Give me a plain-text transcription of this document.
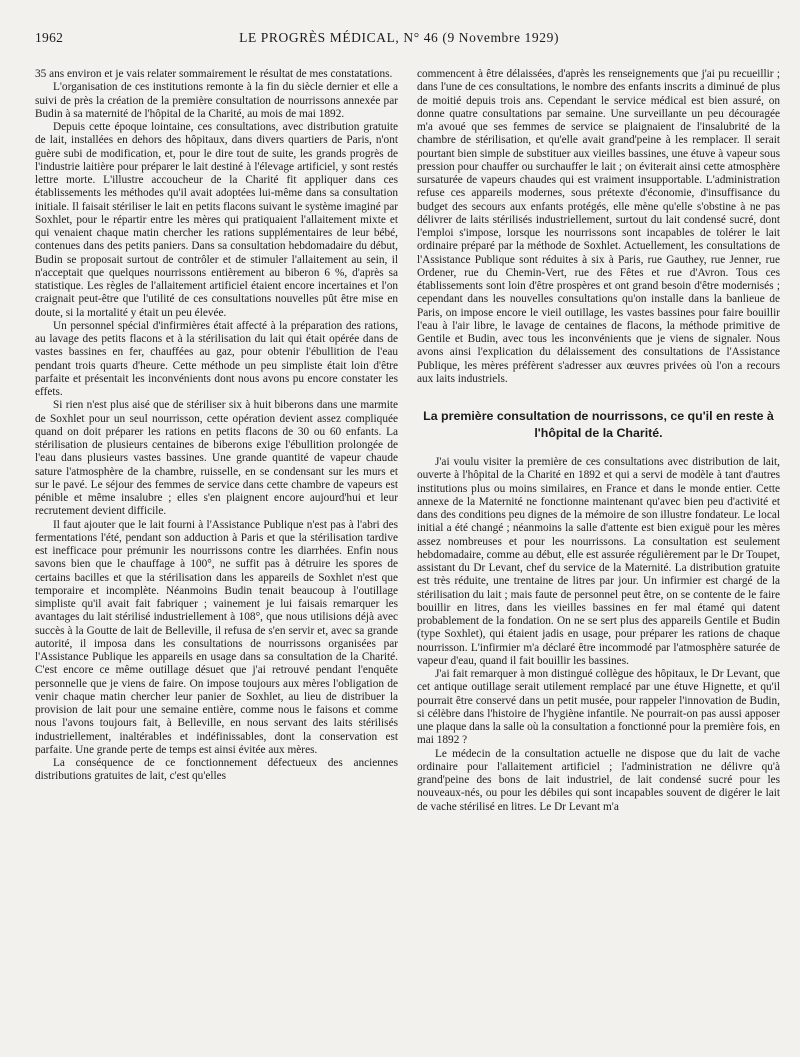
1962	LE PROGRÈS MÉDICAL, N° 46 (9 Novembre 1929)

35 ans environ et je vais relater sommairement le résultat de mes constatations.

L'organisation de ces institutions remonte à la fin du siècle dernier et elle a suivi de près la création de la première consultation de nourrissons annexée par Budin à sa maternité de l'hôpital de la Charité, au mois de mai 1892.

Depuis cette époque lointaine, ces consultations, avec distribution gratuite de lait, installées en dehors des hôpitaux, dans divers quartiers de Paris, n'ont guère subi de modification, et, pour le dire tout de suite, les grands progrès de l'industrie laitière pour préparer le lait destiné à l'élevage artificiel, y sont restés lettre morte. L'illustre accoucheur de la Charité fit appliquer dans ces établissements les méthodes qu'il avait adoptées lui-même dans sa consultation initiale. Il faisait stériliser le lait en petits flacons suivant le système imaginé par Soxhlet, pour le répartir entre les mères qui pratiquaient l'allaitement mixte et qui venaient chaque matin chercher les rations supplémentaires de leur bébé, contenues dans des petits paniers. Dans sa consultation hebdomadaire du début, Budin se proposait surtout de contrôler et de stimuler l'allaitement au sein, il n'acceptait que quelques nourrissons entièrement au biberon 6 %, d'après sa statistique. Les règles de l'allaitement artificiel étaient encore incertaines et l'on craignait peut-être que l'utilité de ces consultations nouvelles pût être mise en doute, si la mortalité y était un peu élevée.

Un personnel spécial d'infirmières était affecté à la préparation des rations, au lavage des petits flacons et à la stérilisation du lait qui était opérée dans de vastes bassines en fer, chauffées au gaz, pour obtenir l'ébullition de l'eau pendant trois quarts d'heure. Cette méthode un peu simpliste était loin d'être parfaite et présentait les inconvénients dont nous avons pu encore constater les effets.

Si rien n'est plus aisé que de stériliser six à huit biberons dans une marmite de Soxhlet pour un seul nourrisson, cette opération devient assez compliquée quand on doit préparer les rations en petits flacons de 30 ou 60 enfants. La stérilisation de plusieurs centaines de biberons exige l'ébullition prolongée de l'eau dans plusieurs vastes bassines. Une grande quantité de vapeur chaude sature l'atmosphère de la chambre, ruisselle, en se condensant sur les murs et sur le pavé. Le séjour des femmes de service dans cette chambre de vapeurs est pénible et même insalubre ; elles s'en plaignent encore aujourd'hui et leur recrutement devient difficile.

Il faut ajouter que le lait fourni à l'Assistance Publique n'est pas à l'abri des fermentations l'été, pendant son adduction à Paris et que la stérilisation tardive est inefficace pour prémunir les nourrissons contre les diarrhées. Enfin nous savons bien que le chauffage à 100°, ne suffit pas à détruire les spores de certains bacilles et que la stérilisation dans les appareils de Soxhlet n'est que temporaire et incomplète. Néanmoins Budin tenait beaucoup à l'outillage simpliste qu'il avait fait fabriquer ; vainement je lui faisais remarquer les avantages du lait stérilisé industriellement à 108°, que nous utilisions déjà avec succès à la Goutte de lait de Belleville, il refusa de s'en servir et, avec sa grande autorité, il imposa dans les consultations de nourrissons organisées par l'Assistance Publique les appareils en usage dans sa consultation de la Charité. C'est encore ce même outillage désuet que j'ai retrouvé pendant l'enquête personnelle que je viens de faire. On impose toujours aux mères l'obligation de venir chaque matin chercher leur panier de Soxhlet, au lieu de distribuer la provision de lait pour une semaine entière, comme nous le faisons et comme nous l'avons toujours fait, à Belleville, en nous servant des laits stérilisés industriellement, inaltérables et indéfinissables, dont la conservation est parfaite. Une grande perte de temps est ainsi évitée aux mères.

La conséquence de ce fonctionnement défectueux des anciennes distributions gratuites de lait, c'est qu'elles

commencent à être délaissées, d'après les renseignements que j'ai pu recueillir ; dans l'une de ces consultations, le nombre des enfants inscrits a diminué de plus de moitié depuis trois ans. Cependant le service médical est bien assuré, on donne quatre consultations par semaine. Une surveillante un peu découragée m'a avoué que ses femmes de service se plaignaient de l'insalubrité de la chambre de stérilisation, et qu'elle avait grand'peine à les remplacer. Il serait pourtant bien simple de substituer aux vieilles bassines, une étuve à vapeur sous pression pour chauffer ou surchauffer le lait ; on éviterait ainsi cette atmosphère sursaturée de vapeurs chaudes qui est vraiment insupportable. L'administration refuse ces appareils modernes, sous prétexte d'économie, d'insuffisance du budget des secours aux enfants protégés, elle mène qu'elle s'obstine à ne pas délivrer de laits stérilisés industriellement, surtout du lait condensé sucré, dont l'emploi s'impose, lorsque les nourrissons sont incapables de tolérer le lait ordinaire préparé par la méthode de Soxhlet. Actuellement, les consultations de l'Assistance Publique sont réduites à six à Paris, rue Gauthey, rue Jenner, rue Ordener, rue du Chemin-Vert, rue des Fêtes et rue d'Avron. Tous ces établissements sont loin d'être prospères et ont grand besoin d'être modernisés ; cependant dans les nouvelles consultations qu'on installe dans la banlieue de Paris, on impose encore le vieil outillage, les vastes bassines pour faire bouillir l'eau à l'air libre, le lavage de centaines de flacons, la méthode primitive de Gentile et Budin, avec tous les inconvénients que je viens de signaler. Nous avons ainsi l'explication du délaissement des consultations de l'Assistance Publique, les mères préfèrent s'adresser aux œuvres privées où l'on a recours aux laits industriels.

La première consultation de nourrissons, ce qu'il en reste à l'hôpital de la Charité.

J'ai voulu visiter la première de ces consultations avec distribution de lait, ouverte à l'hôpital de la Charité en 1892 et qui a servi de modèle à tant d'autres institutions plus ou moins similaires, en France et dans le monde entier. Cette annexe de la Maternité ne fonctionne maintenant qu'avec bien peu d'activité et dans des conditions peu dignes de la mémoire de son illustre fondateur. Le local initial a été changé ; néanmoins la salle d'attente est bien exiguë pour les mères assez nombreuses et pour les nourrissons. La consultation est seulement hebdomadaire, comme au début, elle est assurée régulièrement par le Dr Toupet, assistant du Dr Levant, chef du service de la Maternité. La distribution gratuite est très réduite, une trentaine de litres par jour. Un infirmier est chargé de la stérilisation du lait ; mais faute de personnel peut être, on se contente de le faire bouillir en litres, dans les vieilles bassines en fer mal étamé qui datent probablement de la fondation. On ne se sert plus des appareils Gentile et Budin (type Soxhlet), qui étaient jadis en usage, pour préparer les rations de chaque nourrisson. L'infirmier m'a déclaré être incommodé par l'atmosphère saturée de vapeur d'eau, quand il fait bouillir les bassines.

J'ai fait remarquer à mon distingué collègue des hôpitaux, le Dr Levant, que cet antique outillage serait utilement remplacé par une étuve Hignette, et qu'il pourrait être conservé dans un petit musée, pour rappeler l'innovation de Budin, si célèbre dans l'histoire de l'hygiène infantile. Ne pourrait-on pas aussi apposer une plaque dans la salle où la consultation a fonctionné pour la première fois, en mai 1892 ?

Le médecin de la consultation actuelle ne dispose que du lait de vache ordinaire pour l'allaitement artificiel ; l'administration ne délivre qu'à grand'peine des bons de lait industriel, de lait condensé sucré pour les nouveaux-nés, ou pour les débiles qui sont incapables souvent de digérer le lait de vache stérilisé en litres. Le Dr Levant m'a
